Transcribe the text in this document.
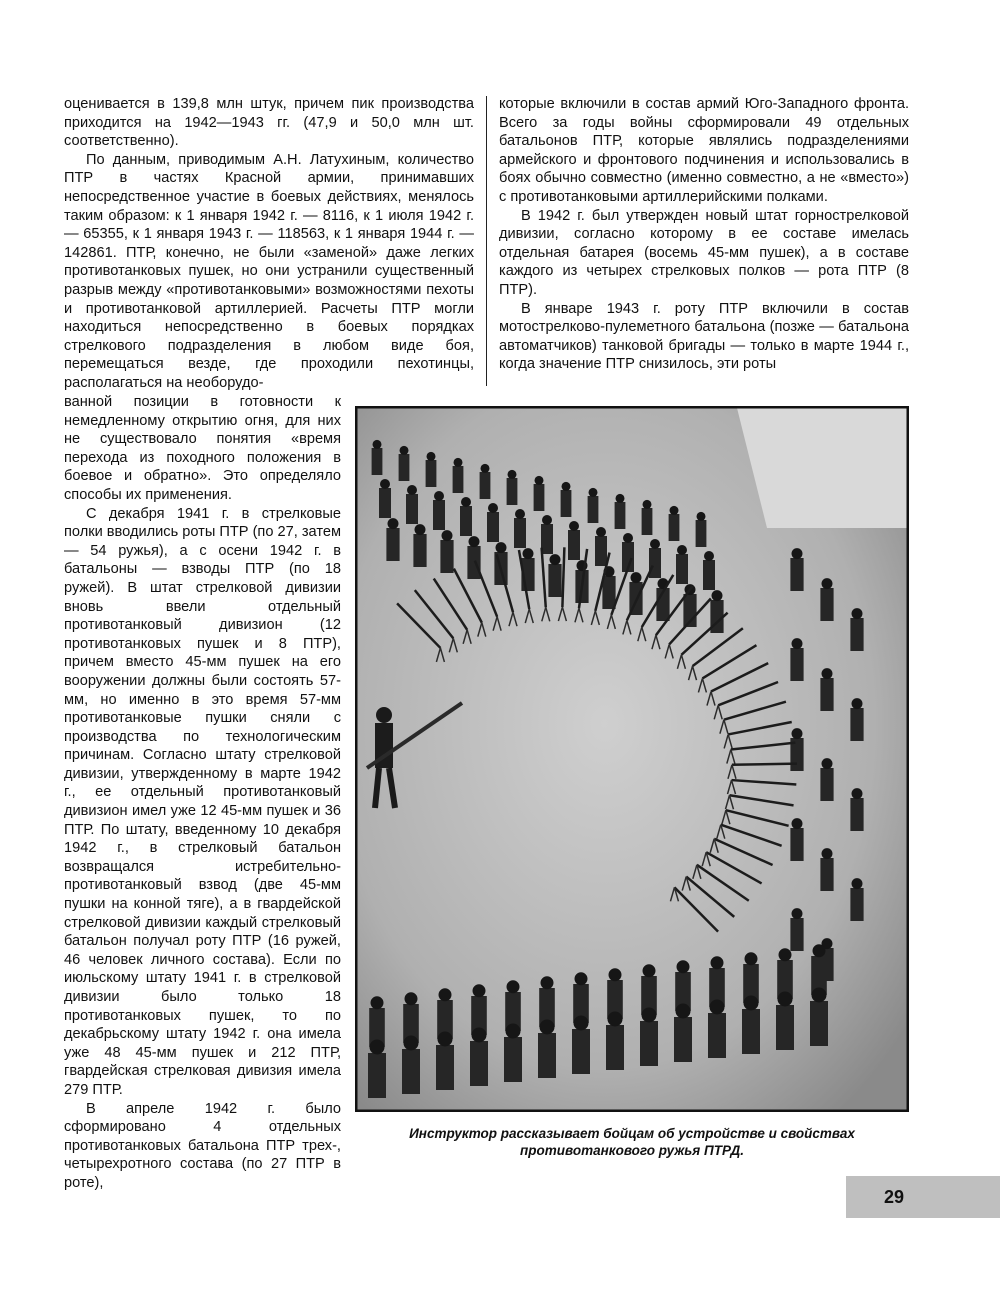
оценивается в 139,8 млн штук, причем пик производства приходится на 1942—1943 гг. (47,9 и 50,0 млн шт. соответственно).

По данным, приводимым А.Н. Латухиным, количество ПТР в частях Красной армии, принимавших непосредственное участие в боевых действиях, менялось таким образом: к 1 января 1942 г. — 8116, к 1 июля 1942 г. — 65355, к 1 января 1943 г. — 118563, к 1 января 1944 г. — 142861. ПТР, конечно, не были «заменой» даже легких противотанковых пушек, но они устранили существенный разрыв между «противотанковыми» возможностями пехоты и противотанковой артиллерией. Расчеты ПТР могли находиться непосредственно в боевых порядках стрелкового подразделения в любом виде боя, перемещаться везде, где проходили пехотинцы, располагаться на необорудо-

которые включили в состав армий Юго-Западного фронта. Всего за годы войны сформировали 49 отдельных батальонов ПТР, которые являлись подразделениями армейского и фронтового подчинения и использовались в боях обычно совместно (именно совместно, а не «вместо») с противотанковыми артиллерийскими полками.

В 1942 г. был утвержден новый штат горнострелковой дивизии, согласно которому в ее составе имелась отдельная батарея (восемь 45-мм пушек), а в составе каждого из четырех стрелковых полков — рота ПТР (8 ПТР).

В январе 1943 г. роту ПТР включили в состав мотострелково-пулеметного батальона (позже — батальона автоматчиков) танковой бригады — только в марте 1944 г., когда значение ПТР снизилось, эти роты

ванной позиции в готовности к немедленному открытию огня, для них не существовало понятия «время перехода из походного положения в боевое и обратно». Это определяло способы их применения.

С декабря 1941 г. в стрелковые полки вводились роты ПТР (по 27, затем — 54 ружья), а с осени 1942 г. в батальоны — взводы ПТР (по 18 ружей). В штат стрелковой дивизии вновь ввели отдельный противотанковый дивизион (12 противотанковых пушек и 8 ПТР), причем вместо 45-мм пушек на его вооружении должны были состоять 57-мм, но именно в это время 57-мм противотанковые пушки сняли с производства по технологическим причинам. Согласно штату стрелковой дивизии, утвержденному в марте 1942 г., ее отдельный противотанковый дивизион имел уже 12 45-мм пушек и 36 ПТР. По штату, введенному 10 декабря 1942 г., в стрелковый батальон возвращался истребительно-противотанковый взвод (две 45-мм пушки на конной тяге), а в гвардейской стрелковой дивизии каждый стрелковый батальон получал роту ПТР (16 ружей, 46 человек личного состава). Если по июльскому штату 1941 г. в стрелковой дивизии было только 18 противотанковых пушек, то по декабрьскому штату 1942 г. она имела уже 48 45-мм пушек и 212 ПТР, гвардейская стрелковая дивизия имела 279 ПТР.

В апреле 1942 г. было сформировано 4 отдельных противотанковых батальона ПТР трех-, четырехротного состава (по 27 ПТР в роте),

Инструктор рассказывает бойцам об устройстве и свойствах противотанкового ружья ПТРД.
29
